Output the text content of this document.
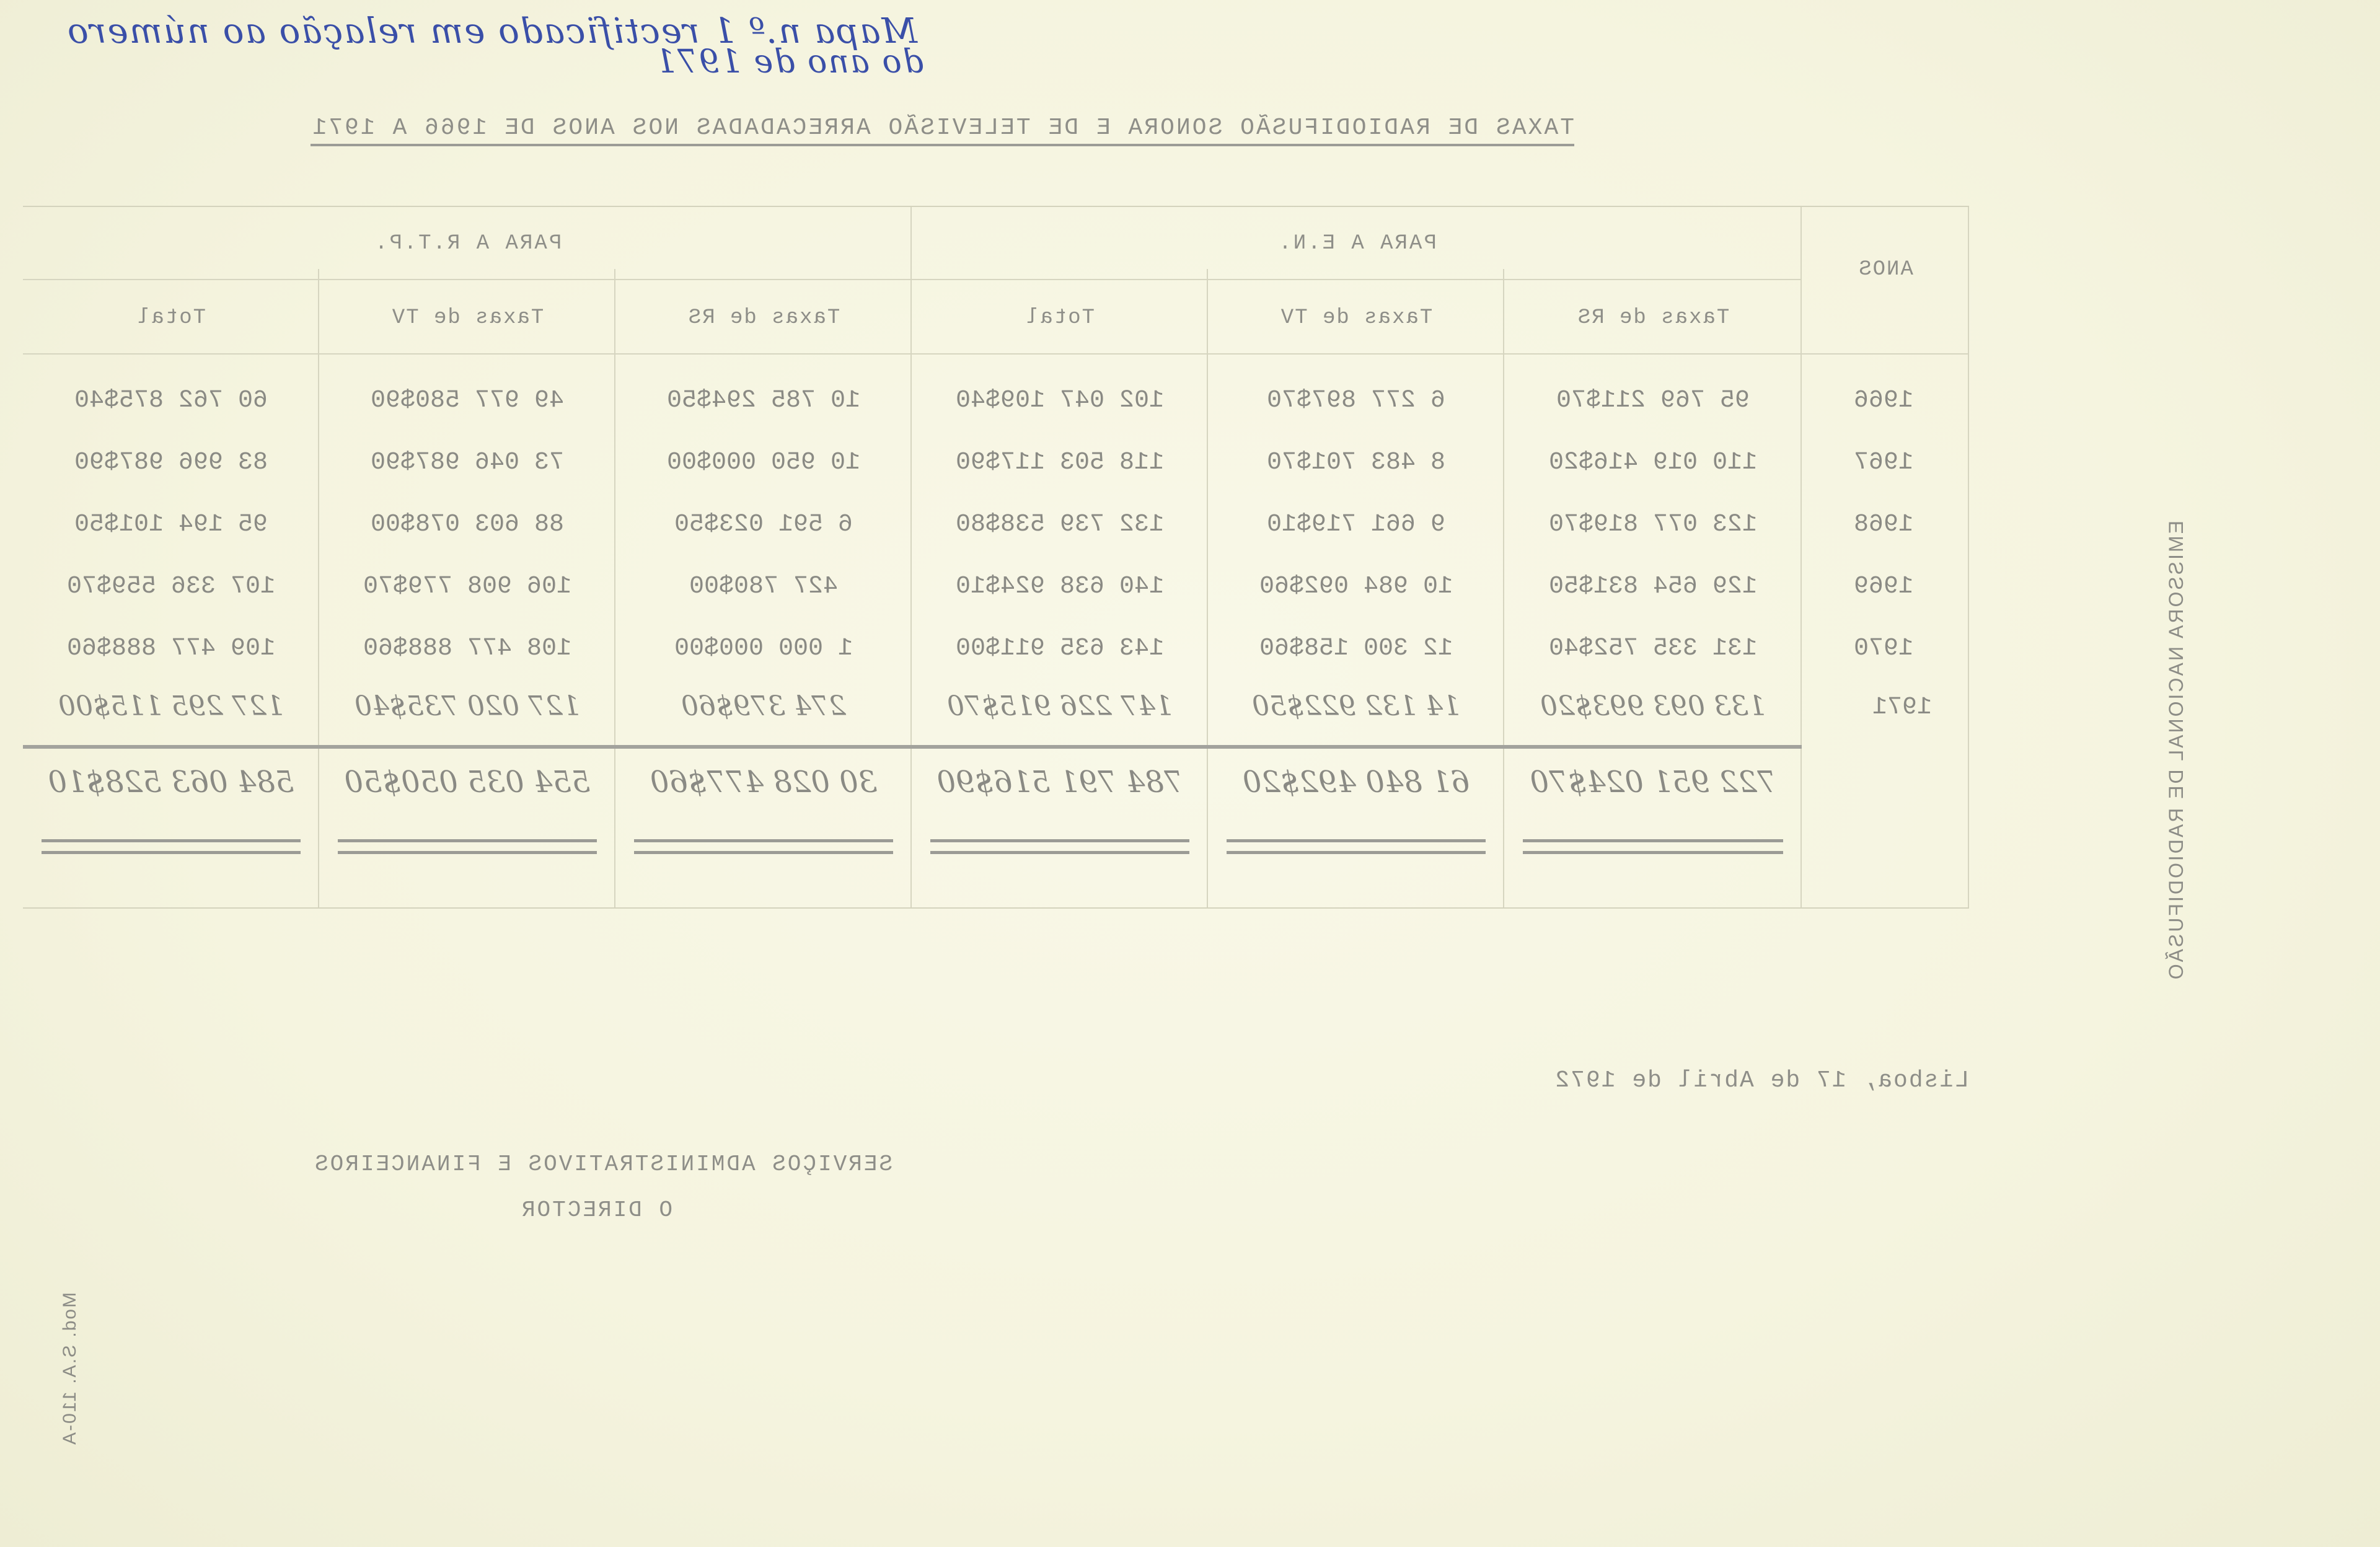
Mapa n.º 1 rectificado em relação ao número
do ano de 1971
TAXAS DE RADIODIFUSÃO SONORA E DE TELEVISÃO ARRECADADAS NOS ANOS DE 1966 A 1971
ANOS
PARA A E.N.
PARA A R.T.P.
Taxas de RS
Taxas de TV
Total
Taxas de RS
Taxas de TV
Total
1966
95 769 211$70
6 277 897$70
102 047 109$40
10 785 294$50
49 977 580$90
60 762 875$40
1967
110 019 416$20
8 483 701$70
118 503 117$90
10 950 000$00
73 046 987$90
83 996 987$90
1968
123 077 819$70
9 661 719$10
132 739 538$80
6 591 023$50
88 603 078$00
95 194 101$50
1969
129 654 831$50
10 984 092$60
140 638 924$10
427 780$00
106 908 779$70
107 336 559$70
1970
131 335 752$40
12 300 158$60
143 635 911$00
1 000 000$00
108 477 888$60
109 477 888$60
1971
133 093 993$20
14 132 922$50
147 226 915$70
274 379$60
127 020 735$40
127 295 115$00
722 951 024$70
61 840 492$20
784 791 516$90
30 028 477$60
554 035 050$50
584 063 528$10
Lisboa, 17 de Abril de 1972
SERVIÇOS ADMINISTRATIVOS E FINANCEIROS
O DIRECTOR
EMISSORA NACIONAL DE RADIODIFUSÃO
Mod. S.A. 110-A
